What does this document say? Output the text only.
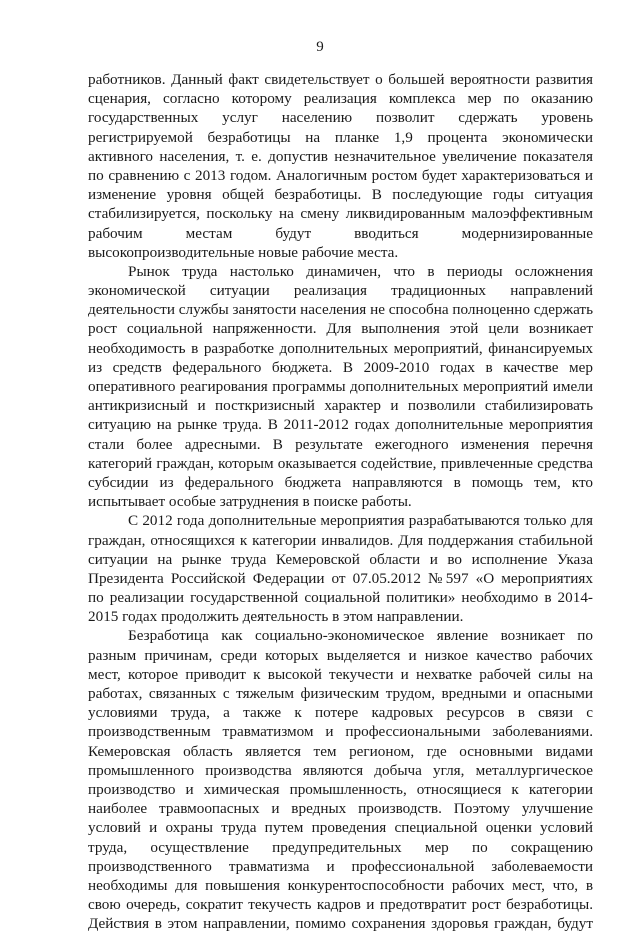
9
работников. Данный факт свидетельствует о большей вероятности развития
сценария, согласно которому реализация комплекса мер по оказанию
государственных услуг населению позволит сдержать уровень
регистрируемой безработицы на планке 1,9 процента экономически
активного населения, т. е. допустив незначительное увеличение показателя
по сравнению с 2013 годом. Аналогичным ростом будет характеризоваться и
изменение уровня общей безработицы. В последующие годы ситуация
стабилизируется, поскольку на смену ликвидированным малоэффективным
рабочим местам будут вводиться модернизированные
высокопроизводительные новые рабочие места.
Рынок труда настолько динамичен, что в периоды осложнения
экономической ситуации реализация традиционных направлений
деятельности службы занятости населения не способна полноценно сдержать
рост социальной напряженности. Для выполнения этой цели возникает
необходимость в разработке дополнительных мероприятий, финансируемых
из средств федерального бюджета. В 2009-2010 годах в качестве мер
оперативного реагирования программы дополнительных мероприятий имели
антикризисный и посткризисный характер и позволили стабилизировать
ситуацию на рынке труда. В 2011-2012 годах дополнительные мероприятия
стали более адресными. В результате ежегодного изменения перечня
категорий граждан, которым оказывается содействие, привлеченные средства
субсидии из федерального бюджета направляются в помощь тем, кто
испытывает особые затруднения в поиске работы.
С 2012 года дополнительные мероприятия разрабатываются только для
граждан, относящихся к категории инвалидов. Для поддержания стабильной
ситуации на рынке труда Кемеровской области и во исполнение Указа
Президента Российской Федерации от 07.05.2012 №597 «О мероприятиях
по реализации государственной социальной политики» необходимо в 2014-
2015 годах продолжить деятельность в этом направлении.
Безработица как социально-экономическое явление возникает по
разным причинам, среди которых выделяется и низкое качество рабочих
мест, которое приводит к высокой текучести и нехватке рабочей силы на
работах, связанных с тяжелым физическим трудом, вредными и опасными
условиями труда, а также к потере кадровых ресурсов в связи с
производственным травматизмом и профессиональными заболеваниями.
Кемеровская область является тем регионом, где основными видами
промышленного производства являются добыча угля, металлургическое
производство и химическая промышленность, относящиеся к категории
наиболее травмоопасных и вредных производств. Поэтому улучшение
условий и охраны труда путем проведения специальной оценки условий
труда, осуществление предупредительных мер по сокращению
производственного травматизма и профессиональной заболеваемости
необходимы для повышения конкурентоспособности рабочих мест, что, в
свою очередь, сократит текучесть кадров и предотвратит рост безработицы.
Действия в этом направлении, помимо сохранения здоровья граждан, будут
